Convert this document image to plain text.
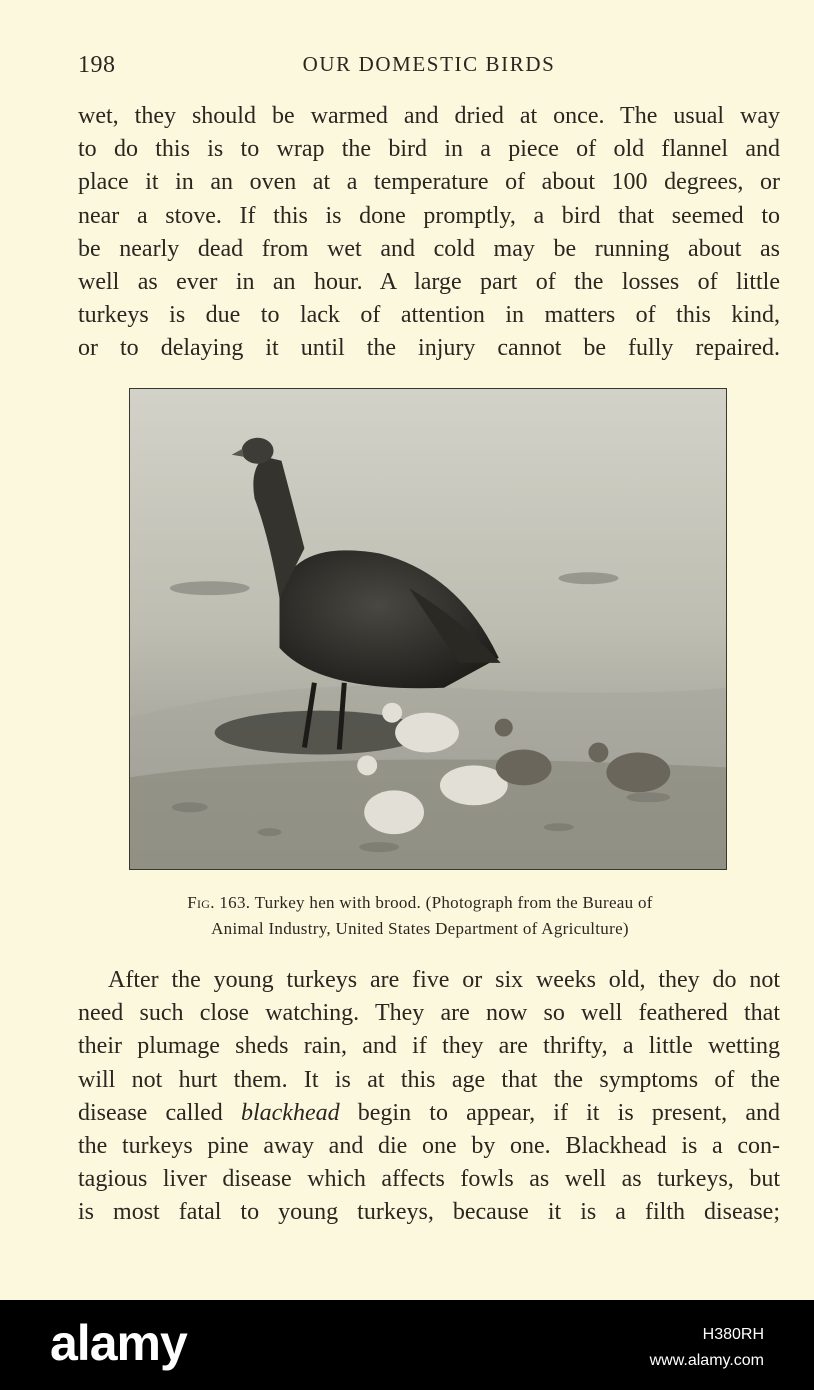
198	OUR DOMESTIC BIRDS
wet, they should be warmed and dried at once. The usual way
to do this is to wrap the bird in a piece of old flannel and
place it in an oven at a temperature of about 100 degrees, or
near a stove. If this is done promptly, a bird that seemed to
be nearly dead from wet and cold may be running about as
well as ever in an hour. A large part of the losses of little
turkeys is due to lack of attention in matters of this kind,
or to delaying it until the injury cannot be fully repaired.
Fig. 163. Turkey hen with brood. (Photograph from the Bureau of
Animal Industry, United States Department of Agriculture)
After the young turkeys are five or six weeks old, they do not
need such close watching. They are now so well feathered that
their plumage sheds rain, and if they are thrifty, a little wetting
will not hurt them. It is at this age that the symptoms of the
disease called blackhead begin to appear, if it is present, and
the turkeys pine away and die one by one. Blackhead is a con-
tagious liver disease which affects fowls as well as turkeys, but
is most fatal to young turkeys, because it is a filth disease;
alamy	H380RH
www.alamy.com
